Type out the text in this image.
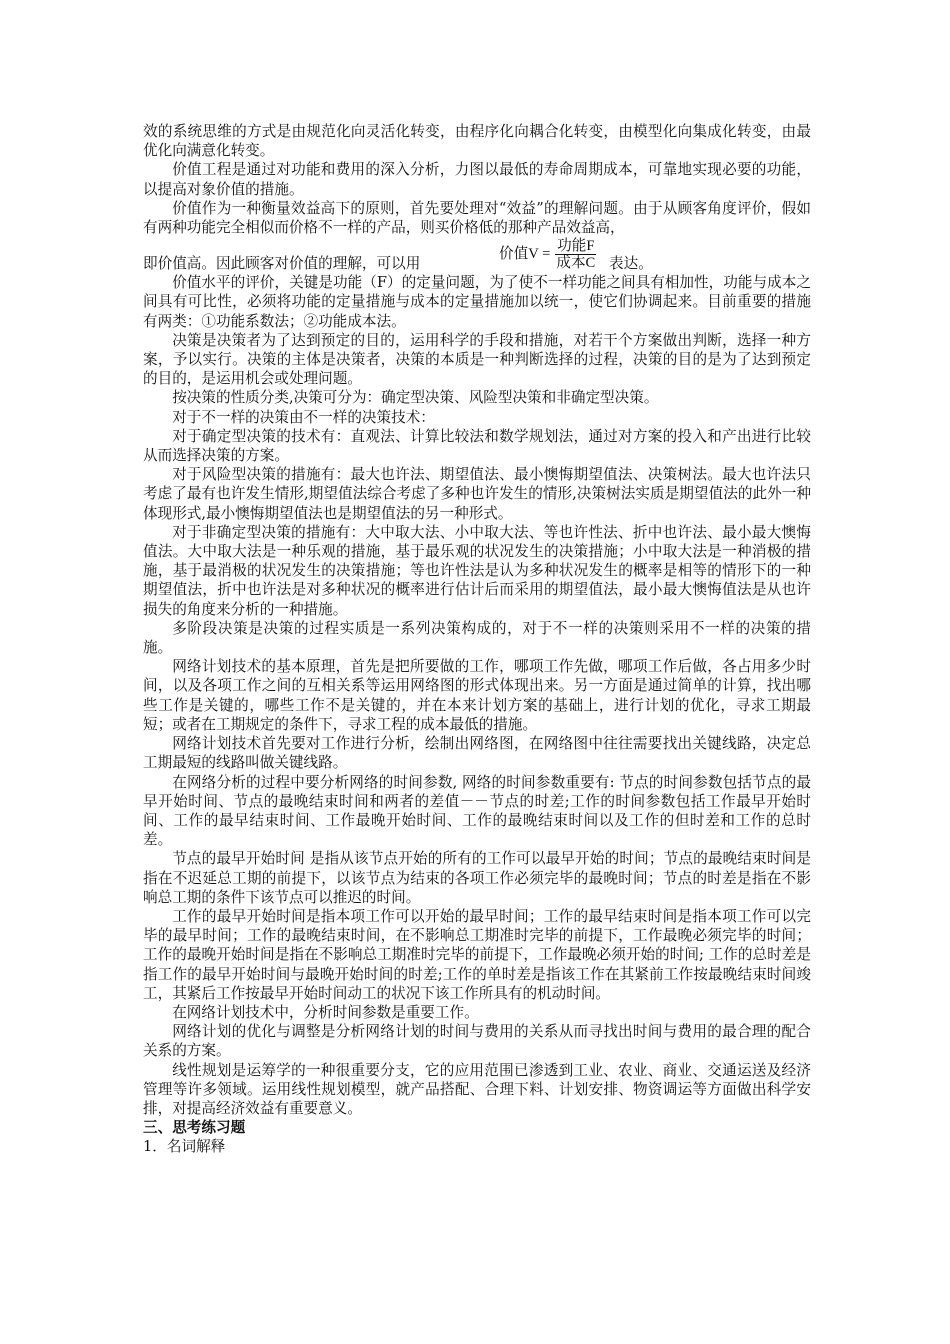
效的系统思维的方式是由规范化向灵活化转变，由程序化向耦合化转变，由模型化向集成化转变，由最优化向满意化转变。

价值工程是通过对功能和费用的深入分析，力图以最低的寿命周期成本，可靠地实现必要的功能，以提高对象价值的措施。

价值作为一种衡量效益高下的原则，首先要处理对“效益”的理解问题。由于从顾客角度评价，假如有两种功能完全相似而价格不一样的产品，则买价格低的那种产品效益高，

即价值高。因此顾客对价值的理解，可以用
价值$V = \frac{\text{功能F}}{\text{成本C}}$ 表达。

价值水平的评价，关键是功能（F）的定量问题，为了使不一样功能之间具有相加性，功能与成本之间具有可比性，必须将功能的定量措施与成本的定量措施加以统一，使它们协调起来。目前重要的措施有两类：①功能系数法；②功能成本法。

决策是决策者为了达到预定的目的，运用科学的手段和措施，对若干个方案做出判断，选择一种方案，予以实行。决策的主体是决策者，决策的本质是一种判断选择的过程，决策的目的是为了达到预定的目的，是运用机会或处理问题。

按决策的性质分类,决策可分为：确定型决策、风险型决策和非确定型决策。

对于不一样的决策由不一样的决策技术：

对于确定型决策的技术有：直观法、计算比较法和数学规划法，通过对方案的投入和产出进行比较从而选择决策的方案。

对于风险型决策的措施有：最大也许法、期望值法、最小懊悔期望值法、决策树法。最大也许法只考虑了最有也许发生情形,期望值法综合考虑了多种也许发生的情形,决策树法实质是期望值法的此外一种体现形式,最小懊悔期望值法也是期望值法的另一种形式。

对于非确定型决策的措施有：大中取大法、小中取大法、等也许性法、折中也许法、最小最大懊悔值法。大中取大法是一种乐观的措施，基于最乐观的状况发生的决策措施；小中取大法是一种消极的措施，基于最消极的状况发生的决策措施；等也许性法是认为多种状况发生的概率是相等的情形下的一种期望值法，折中也许法是对多种状况的概率进行估计后而采用的期望值法，最小最大懊悔值法是从也许损失的角度来分析的一种措施。

多阶段决策是决策的过程实质是一系列决策构成的，对于不一样的决策则采用不一样的决策的措施。

网络计划技术的基本原理，首先是把所要做的工作，哪项工作先做，哪项工作后做，各占用多少时间，以及各项工作之间的互相关系等运用网络图的形式体现出来。另一方面是通过简单的计算，找出哪些工作是关键的，哪些工作不是关键的，并在本来计划方案的基础上，进行计划的优化，寻求工期最短；或者在工期规定的条件下，寻求工程的成本最低的措施。

网络计划技术首先要对工作进行分析，绘制出网络图，在网络图中往往需要找出关键线路，决定总工期最短的线路叫做关键线路。

在网络分析的过程中要分析网络的时间参数, 网络的时间参数重要有: 节点的时间参数包括节点的最早开始时间、节点的最晚结束时间和两者的差值－－节点的时差;工作的时间参数包括工作最早开始时间、工作的最早结束时间、工作最晚开始时间、工作的最晚结束时间以及工作的但时差和工作的总时差。

节点的最早开始时间 是指从该节点开始的所有的工作可以最早开始的时间；节点的最晚结束时间是指在不迟延总工期的前提下，以该节点为结束的各项工作必须完毕的最晚时间；节点的时差是指在不影响总工期的条件下该节点可以推迟的时间。

工作的最早开始时间是指本项工作可以开始的最早时间；工作的最早结束时间是指本项工作可以完毕的最早时间；工作的最晚结束时间，在不影响总工期准时完毕的前提下，工作最晚必须完毕的时间；工作的最晚开始时间是指在不影响总工期准时完毕的前提下，工作最晚必须开始的时间; 工作的总时差是指工作的最早开始时间与最晚开始时间的时差;工作的单时差是指该工作在其紧前工作按最晚结束时间竣工，其紧后工作按最早开始时间动工的状况下该工作所具有的机动时间。

在网络计划技术中，分析时间参数是重要工作。

网络计划的优化与调整是分析网络计划的时间与费用的关系从而寻找出时间与费用的最合理的配合关系的方案。

线性规划是运筹学的一种很重要分支，它的应用范围已渗透到工业、农业、商业、交通运送及经济管理等许多领域。运用线性规划模型，就产品搭配、合理下料、计划安排、物资调运等方面做出科学安排，对提高经济效益有重要意义。

三、思考练习题

1．名词解释
